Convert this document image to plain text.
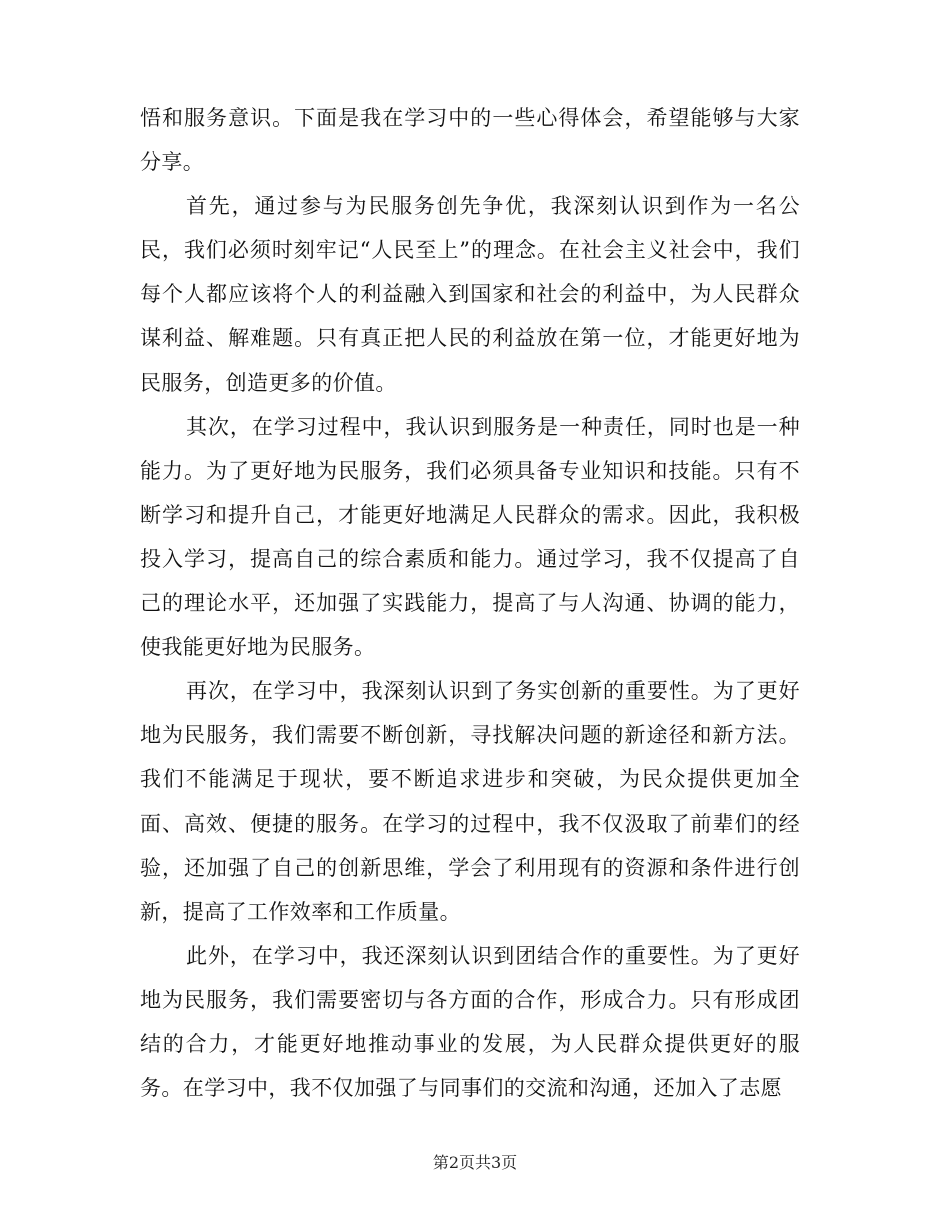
悟和服务意识。下面是我在学习中的一些心得体会，希望能够与大家分享。

首先，通过参与为民服务创先争优，我深刻认识到作为一名公民，我们必须时刻牢记“人民至上”的理念。在社会主义社会中，我们每个人都应该将个人的利益融入到国家和社会的利益中，为人民群众谋利益、解难题。只有真正把人民的利益放在第一位，才能更好地为民服务，创造更多的价值。

其次，在学习过程中，我认识到服务是一种责任，同时也是一种能力。为了更好地为民服务，我们必须具备专业知识和技能。只有不断学习和提升自己，才能更好地满足人民群众的需求。因此，我积极投入学习，提高自己的综合素质和能力。通过学习，我不仅提高了自己的理论水平，还加强了实践能力，提高了与人沟通、协调的能力，使我能更好地为民服务。

再次，在学习中，我深刻认识到了务实创新的重要性。为了更好地为民服务，我们需要不断创新，寻找解决问题的新途径和新方法。我们不能满足于现状，要不断追求进步和突破，为民众提供更加全面、高效、便捷的服务。在学习的过程中，我不仅汲取了前辈们的经验，还加强了自己的创新思维，学会了利用现有的资源和条件进行创新，提高了工作效率和工作质量。

此外，在学习中，我还深刻认识到团结合作的重要性。为了更好地为民服务，我们需要密切与各方面的合作，形成合力。只有形成团结的合力，才能更好地推动事业的发展，为人民群众提供更好的服务。在学习中，我不仅加强了与同事们的交流和沟通，还加入了志愿

第2页共3页
